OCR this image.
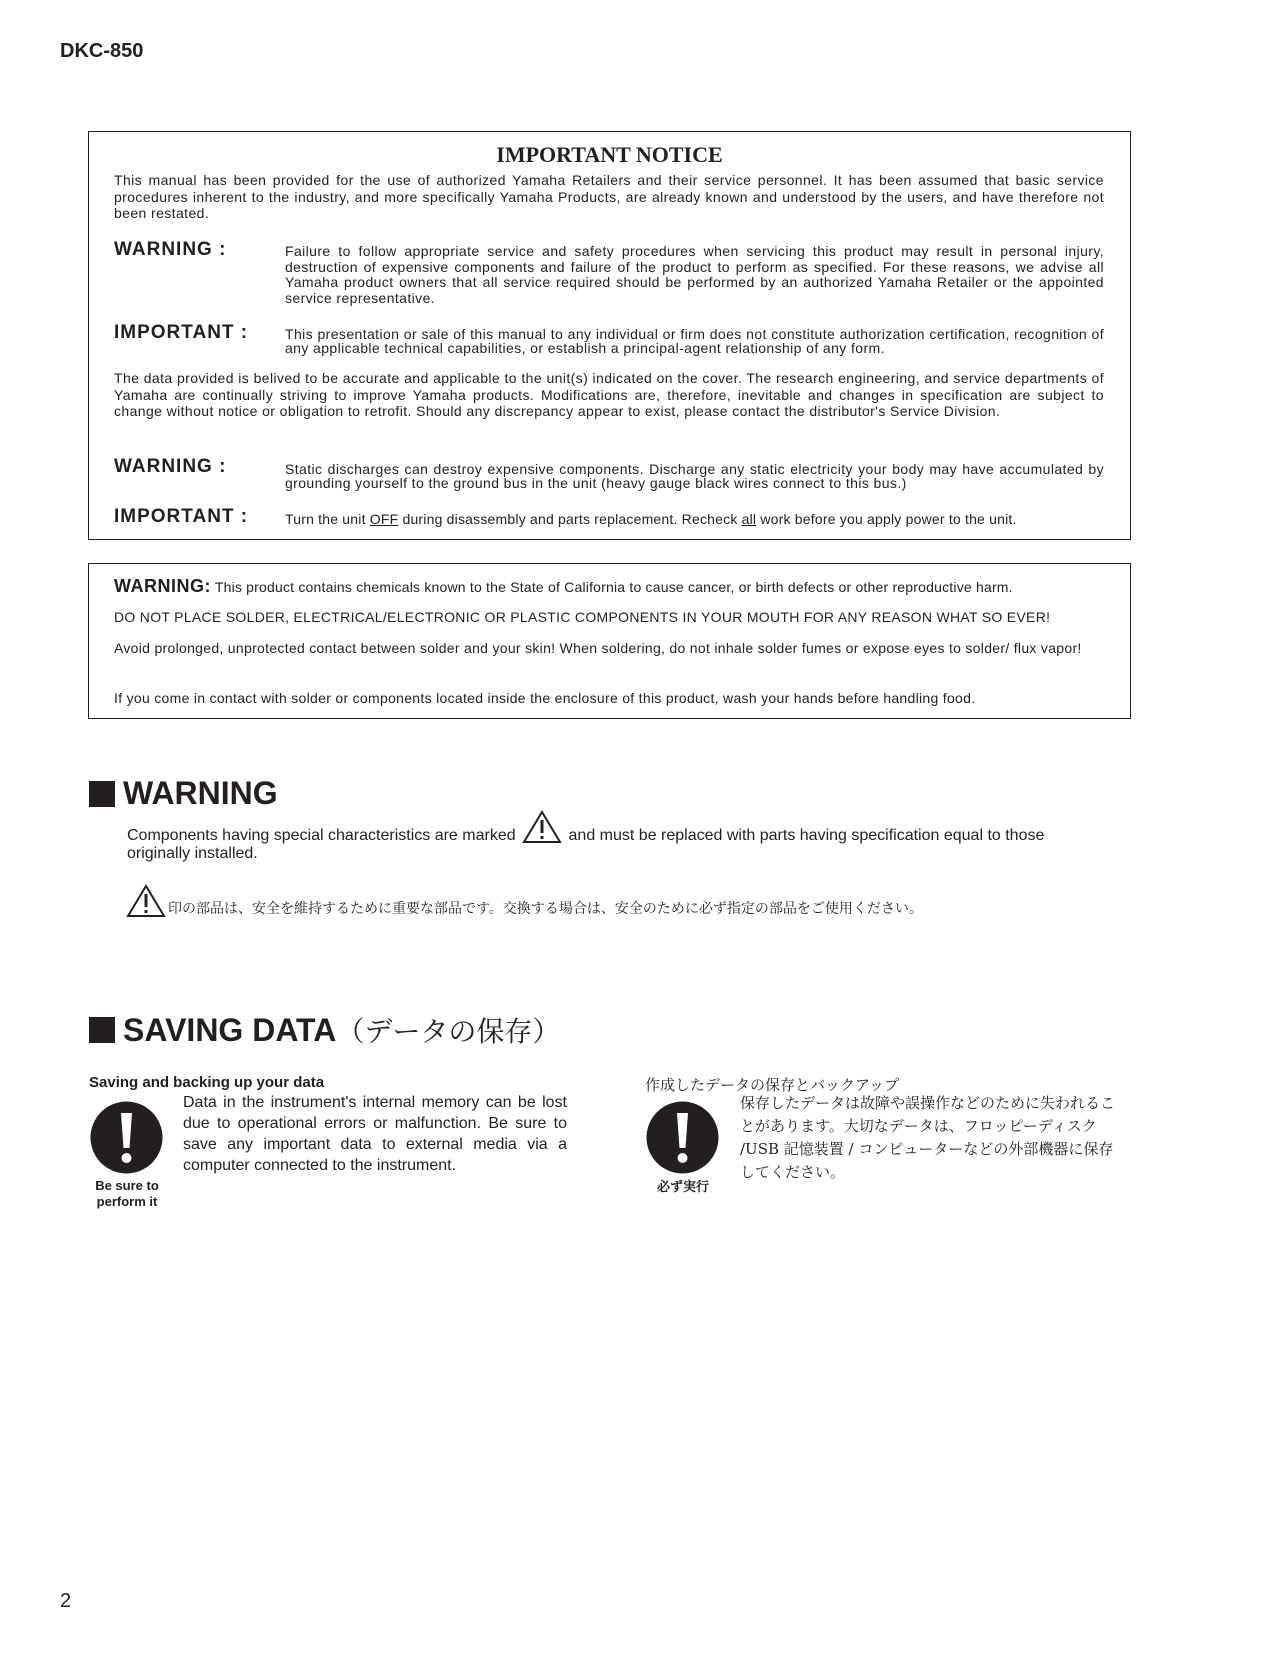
DKC-850
IMPORTANT NOTICE
This manual has been provided for the use of authorized Yamaha Retailers and their service personnel. It has been assumed that basic service procedures inherent to the industry, and more specifically Yamaha Products, are already known and understood by the users, and have therefore not been restated.
WARNING :	Failure to follow appropriate service and safety procedures when servicing this product may result in personal injury, destruction of expensive components and failure of the product to perform as specified. For these reasons, we advise all Yamaha product owners that all service required should be performed by an authorized Yamaha Retailer or the appointed service representative.
IMPORTANT :	This presentation or sale of this manual to any individual or firm does not constitute authorization certification, recognition of any applicable technical capabilities, or establish a principal-agent relationship of any form.
The data provided is belived to be accurate and applicable to the unit(s) indicated on the cover. The research engineering, and service departments of Yamaha are continually striving to improve Yamaha products. Modifications are, therefore, inevitable and changes in specification are subject to change without notice or obligation to retrofit. Should any discrepancy appear to exist, please contact the distributor's Service Division.
WARNING :	Static discharges can destroy expensive components. Discharge any static electricity your body may have accumulated by grounding yourself to the ground bus in the unit (heavy gauge black wires connect to this bus.)
IMPORTANT :	Turn the unit OFF during disassembly and parts replacement. Recheck all work before you apply power to the unit.
WARNING: This product contains chemicals known to the State of California to cause cancer, or birth defects or other reproductive harm.
DO NOT PLACE SOLDER, ELECTRICAL/ELECTRONIC OR PLASTIC COMPONENTS IN YOUR MOUTH FOR ANY REASON WHAT SO EVER!
Avoid prolonged, unprotected contact between solder and your skin! When soldering, do not inhale solder fumes or expose eyes to solder/ flux vapor!
If you come in contact with solder or components located inside the enclosure of this product, wash your hands before handling food.
WARNING
Components having special characteristics are marked	and must be replaced with parts having specification equal to those originally installed.
印の部品は、安全を維持するために重要な部品です。交換する場合は、安全のために必ず指定の部品をご使用ください。
SAVING DATA （データの保存）
Saving and backing up your data
Be sure to perform it
Data in the instrument's internal memory can be lost due to operational errors or malfunction. Be sure to save any important data to external media via a computer connected to the instrument.
作成したデータの保存とバックアップ
必ず実行
保存したデータは故障や誤操作などのために失われることがあります。大切なデータは、フロッピーディスク /USB 記憶装置 / コンピューターなどの外部機器に保存してください。
2
